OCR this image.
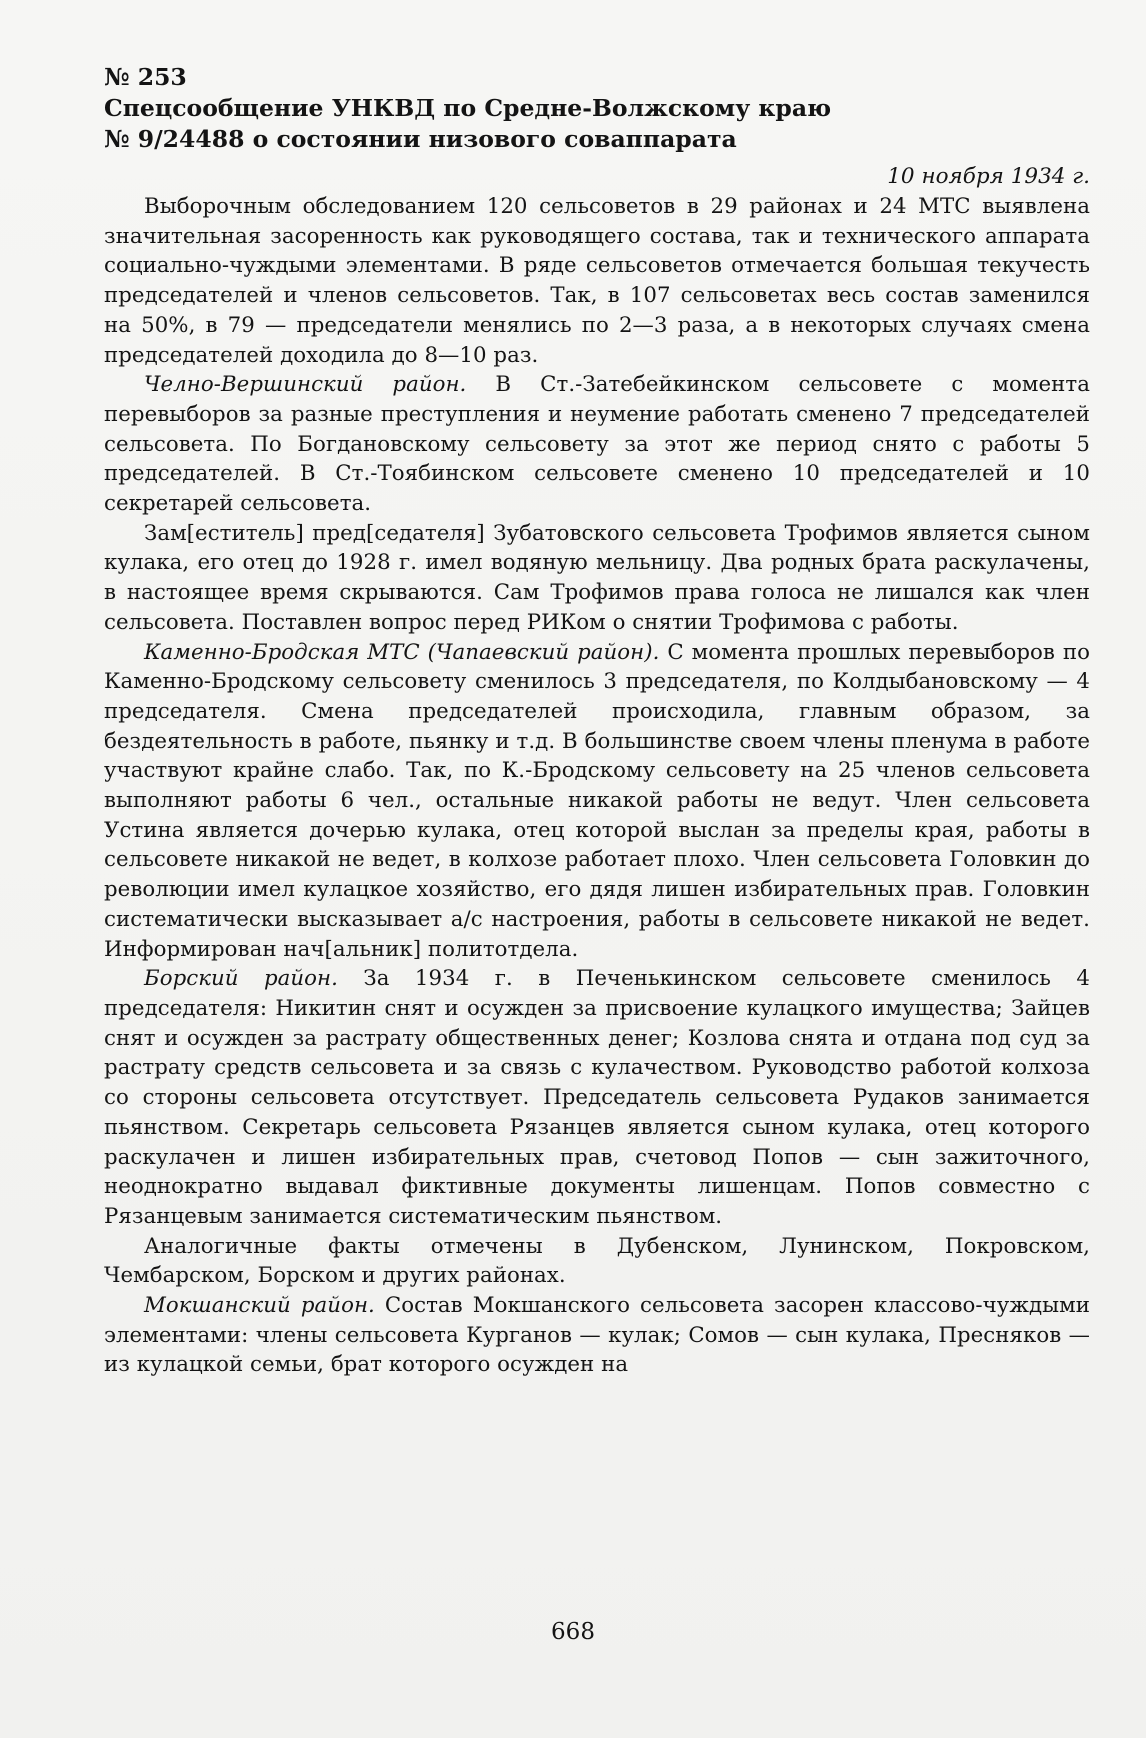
№ 253
Спецсообщение УНКВД по Средне-Волжскому краю
№ 9/24488 о состоянии низового соваппарата
10 ноября 1934 г.

Выборочным обследованием 120 сельсоветов в 29 районах и 24 МТС выявлена значительная засоренность как руководящего состава, так и технического аппарата социально-чуждыми элементами. В ряде сельсоветов отмечается большая текучесть председателей и членов сельсоветов. Так, в 107 сельсоветах весь состав заменился на 50%, в 79 — председатели менялись по 2—3 раза, а в некоторых случаях смена председателей доходила до 8—10 раз.

Челно-Вершинский район. В Ст.-Затебейкинском сельсовете с момента перевыборов за разные преступления и неумение работать сменено 7 председателей сельсовета. По Богдановскому сельсовету за этот же период снято с работы 5 председателей. В Ст.-Тоябинском сельсовете сменено 10 председателей и 10 секретарей сельсовета.

Зам[еститель] пред[седателя] Зубатовского сельсовета Трофимов является сыном кулака, его отец до 1928 г. имел водяную мельницу. Два родных брата раскулачены, в настоящее время скрываются. Сам Трофимов права голоса не лишался как член сельсовета. Поставлен вопрос перед РИКом о снятии Трофимова с работы.

Каменно-Бродская МТС (Чапаевский район). С момента прошлых перевыборов по Каменно-Бродскому сельсовету сменилось 3 председателя, по Колдыбановскому — 4 председателя. Смена председателей происходила, главным образом, за бездеятельность в работе, пьянку и т.д. В большинстве своем члены пленума в работе участвуют крайне слабо. Так, по К.-Бродскому сельсовету на 25 членов сельсовета выполняют работы 6 чел., остальные никакой работы не ведут. Член сельсовета Устина является дочерью кулака, отец которой выслан за пределы края, работы в сельсовете никакой не ведет, в колхозе работает плохо. Член сельсовета Головкин до революции имел кулацкое хозяйство, его дядя лишен избирательных прав. Головкин систематически высказывает а/с настроения, работы в сельсовете никакой не ведет. Информирован нач[альник] политотдела.

Борский район. За 1934 г. в Печенькинском сельсовете сменилось 4 председателя: Никитин снят и осужден за присвоение кулацкого имущества; Зайцев снят и осужден за растрату общественных денег; Козлова снята и отдана под суд за растрату средств сельсовета и за связь с кулачеством. Руководство работой колхоза со стороны сельсовета отсутствует. Председатель сельсовета Рудаков занимается пьянством. Секретарь сельсовета Рязанцев является сыном кулака, отец которого раскулачен и лишен избирательных прав, счетовод Попов — сын зажиточного, неоднократно выдавал фиктивные документы лишенцам. Попов совместно с Рязанцевым занимается систематическим пьянством.

Аналогичные факты отмечены в Дубенском, Лунинском, Покровском, Чембарском, Борском и других районах.

Мокшанский район. Состав Мокшанского сельсовета засорен классово-чуждыми элементами: члены сельсовета Курганов — кулак; Сомов — сын кулака, Пресняков — из кулацкой семьи, брат которого осужден на

668
